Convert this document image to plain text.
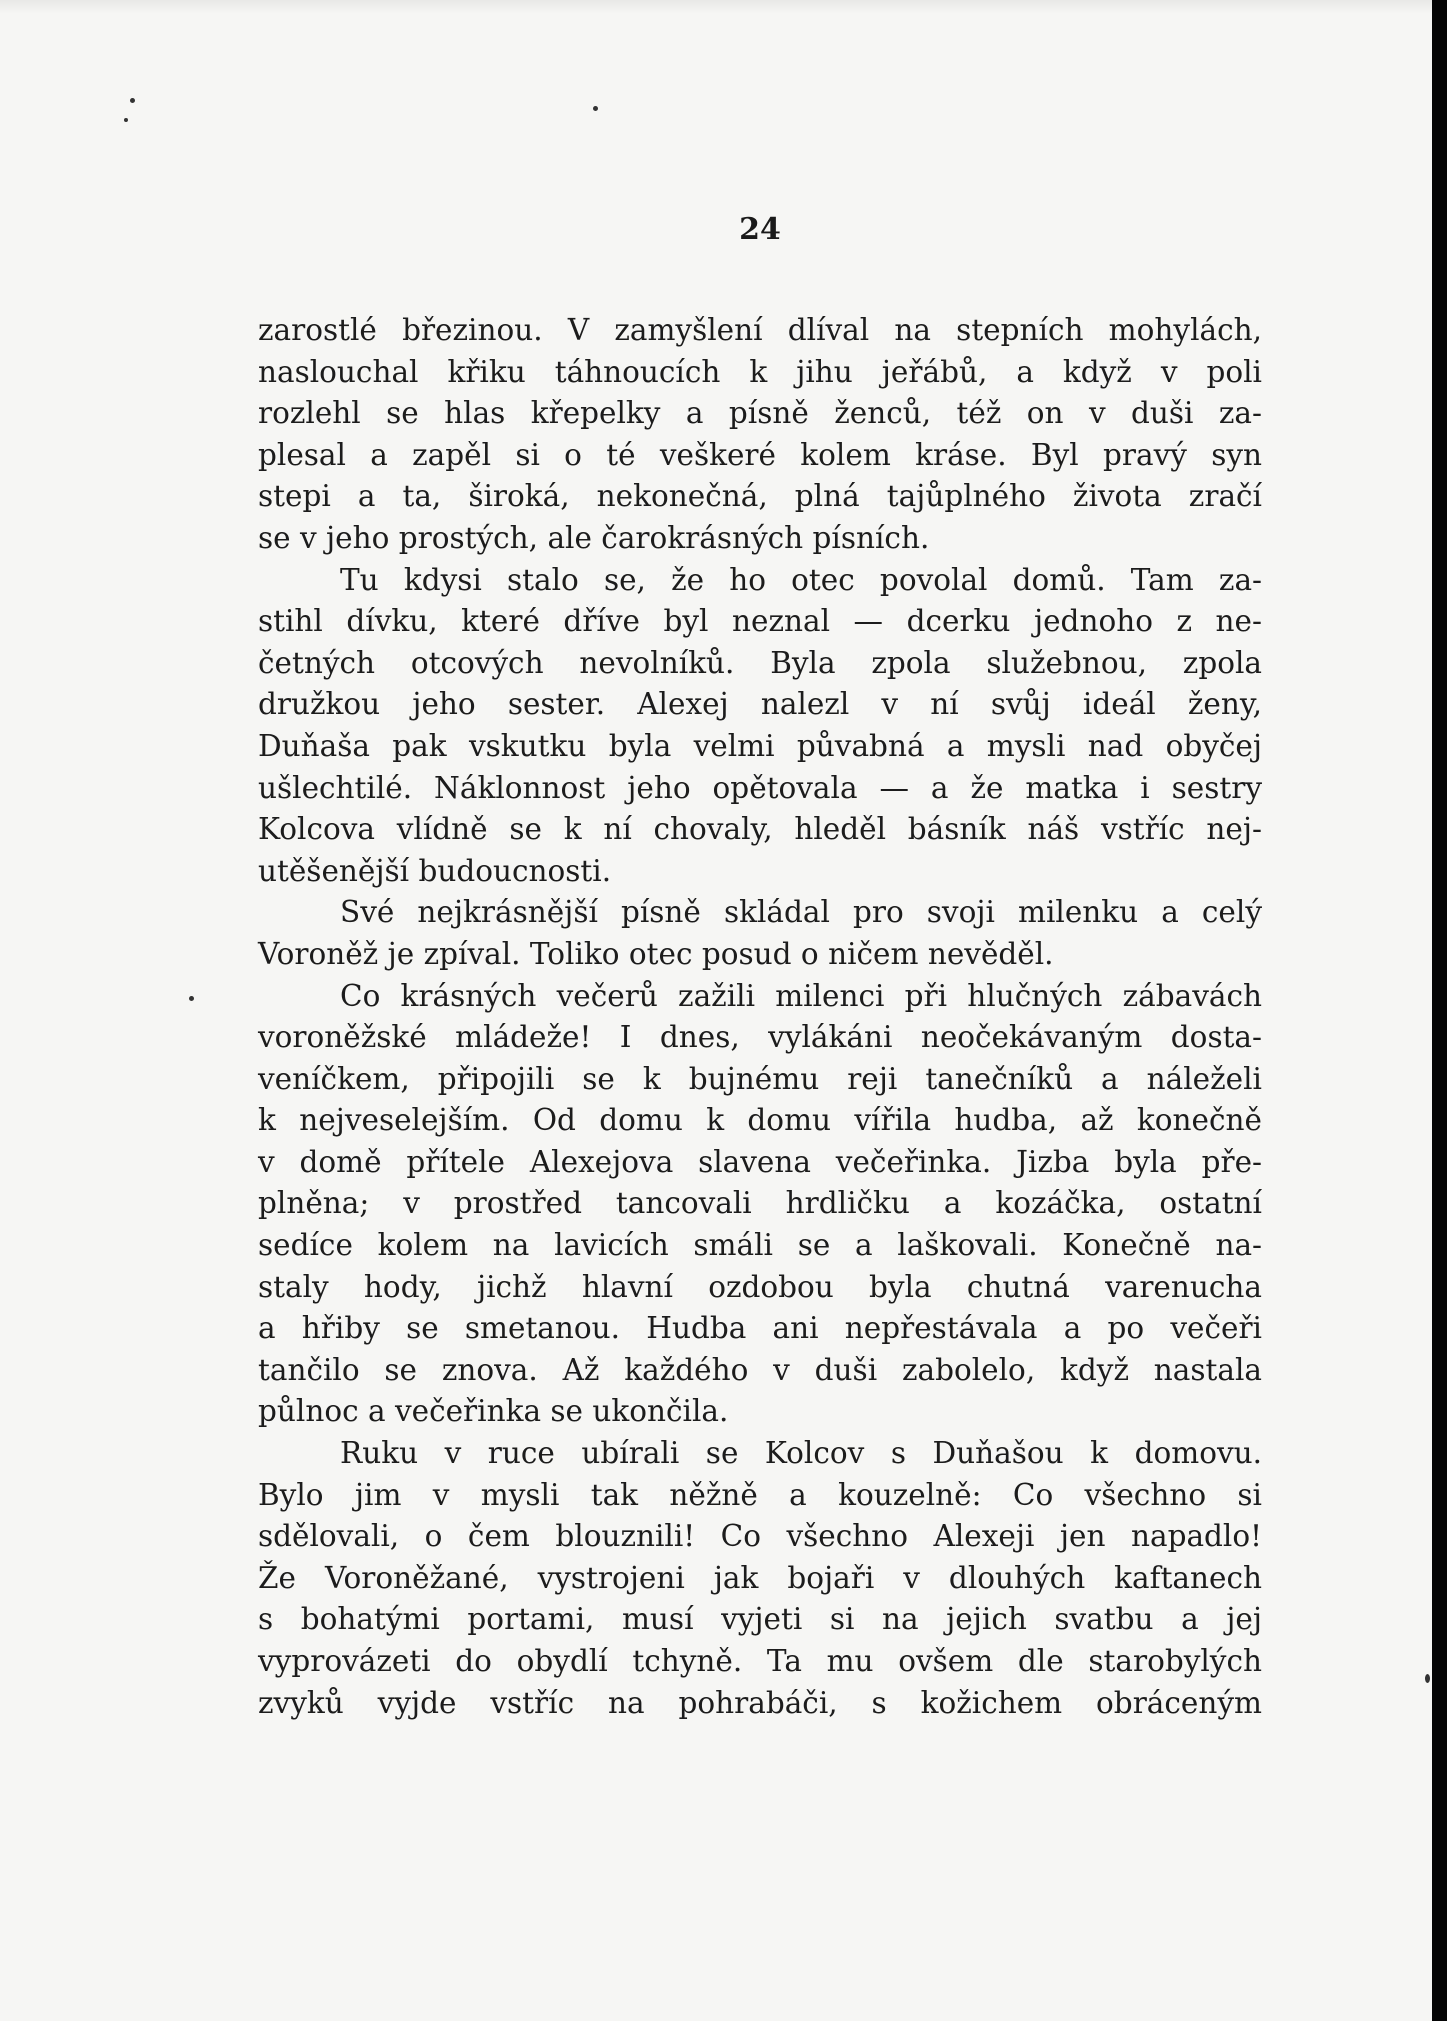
24
zarostlé březinou. V zamyšlení dlíval na stepních mohylách,
naslouchal křiku táhnoucích k jihu jeřábů, a když v poli
rozlehl se hlas křepelky a písně ženců, též on v duši za-
plesal a zapěl si o té veškeré kolem kráse. Byl pravý syn
stepi a ta, široká, nekonečná, plná tajůplného života zračí
se v jeho prostých, ale čarokrásných písních.
Tu kdysi stalo se, že ho otec povolal domů. Tam za-
stihl dívku, které dříve byl neznal — dcerku jednoho z ne-
četných otcových nevolníků. Byla zpola služebnou, zpola
družkou jeho sester. Alexej nalezl v ní svůj ideál ženy,
Duňaša pak vskutku byla velmi půvabná a mysli nad obyčej
ušlechtilé. Náklonnost jeho opětovala — a že matka i sestry
Kolcova vlídně se k ní chovaly, hleděl básník náš vstříc nej-
utěšenější budoucnosti.
Své nejkrásnější písně skládal pro svoji milenku a celý
Voroněž je zpíval. Toliko otec posud o ničem nevěděl.
Co krásných večerů zažili milenci při hlučných zábavách
voroněžské mládeže! I dnes, vylákáni neočekávaným dosta-
veníčkem, připojili se k bujnému reji tanečníků a náleželi
k nejveselejším. Od domu k domu vířila hudba, až konečně
v domě přítele Alexejova slavena večeřinka. Jizba byla pře-
plněna; v prostřed tancovali hrdličku a kozáčka, ostatní
sedíce kolem na lavicích smáli se a laškovali. Konečně na-
staly hody, jichž hlavní ozdobou byla chutná varenucha
a hřiby se smetanou. Hudba ani nepřestávala a po večeři
tančilo se znova. Až každého v duši zabolelo, když nastala
půlnoc a večeřinka se ukončila.
Ruku v ruce ubírali se Kolcov s Duňašou k domovu.
Bylo jim v mysli tak něžně a kouzelně: Co všechno si
sdělovali, o čem blouznili! Co všechno Alexeji jen napadlo!
Že Voroněžané, vystrojeni jak bojaři v dlouhých kaftanech
s bohatými portami, musí vyjeti si na jejich svatbu a jej
vyprovázeti do obydlí tchyně. Ta mu ovšem dle starobylých
zvyků vyjde vstříc na pohrabáči, s kožichem obráceným
